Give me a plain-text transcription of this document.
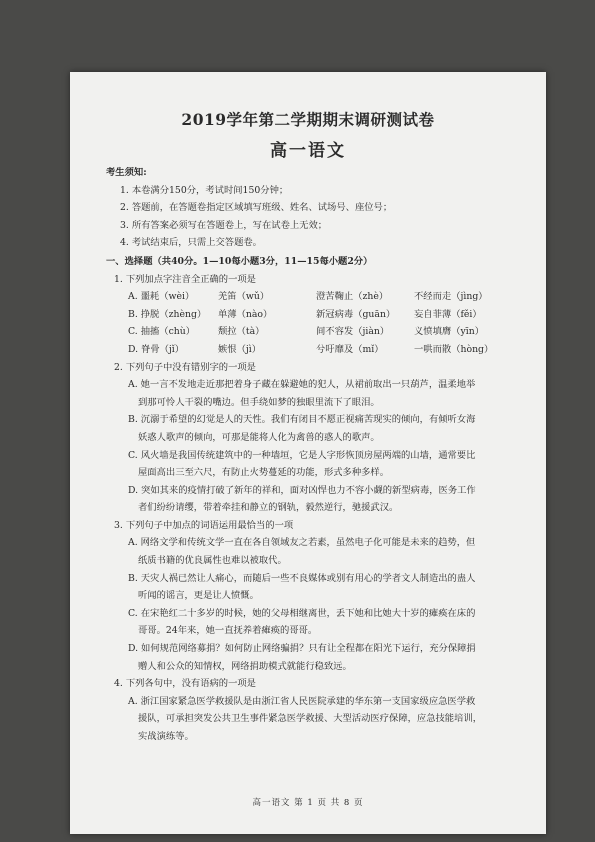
2019学年第二学期期末调研测试卷
高一语文

考生须知:

1. 本卷满分150分，考试时间150分钟；

2. 答题前，在答题卷指定区域填写班级、姓名、试场号、座位号；

3. 所有答案必须写在答题卷上，写在试卷上无效；

4. 考试结束后，只需上交答题卷。

一、选择题（共40分。1—10每小题3分，11—15每小题2分）

1. 下列加点字注音全正确的一项是

A. 噩耗（wèi）	羌笛（wǔ）	澄苦鞠止（zhè）	不经而走（jìng）
B. 挣脱（zhèng）	单薄（nào）	新冠病毒（guān）	妄自菲薄（fěi）
C. 抽搐（chù）	颓拉（tà）	间不容发（jiàn）	义愤填膺（yīn）
D. 脊骨（jǐ）	嫉恨（jì）	兮吁靡及（mǐ）	一哄而散（hòng）

2. 下列句子中没有错别字的一项是

A. 她一言不发地走近那把着身子藏在躲避她的犯人，从裙前取出一只葫芦，温柔地举

到那可怜人干裂的嘴边。但手绕如梦的独眼里流下了眼泪。

B. 沉溺于希望的幻觉是人的天性。我们有闭目不愿正视痛苦现实的倾向，有倾听女海

妖惑人歌声的倾向，可那是能将人化为禽兽的惑人的歌声。

C. 风火墙是我国传统建筑中的一种墙垣，它是人字形恢顶房屋两端的山墙，通常要比

屋面高出三至六尺，有防止火势蔓延的功能，形式多种多样。

D. 突如其来的疫情打破了新年的祥和，面对凶悍也力不容小觑的新型病毒，医务工作

者们纷纷请缨，带着牵挂和静立的钢轨，毅然逆行，驰援武汉。

3. 下列句子中加点的词语运用最恰当的一项

A. 网络文学和传统文学一直在各自领域友之若素，虽然电子化可能是未来的趋势，但

纸质书籍的优良属性也难以被取代。

B. 天灾人祸已然让人痛心，而随后一些不良媒体或别有用心的学者文人制造出的蛊人

听闻的谣言，更是让人愤慨。

C. 在宋艳红二十多岁的时候，她的父母相继离世，丢下她和比她大十岁的瘫痪在床的

哥哥。24年来，她一直抚养着瘫痪的哥哥。

D. 如何规范网络募捐？如何防止网络骗捐？只有让全程都在阳光下运行，充分保障捐

赠人和公众的知情权，网络捐助模式就能行稳致远。

4. 下列各句中，没有语病的一项是

A. 浙江国家紧急医学救援队是由浙江省人民医院承建的华东第一支国家级应急医学救

援队，可承担突发公共卫生事件紧急医学救援、大型活动医疗保障，应急技能培训，

实战演练等。

高一语文 第 1 页 共 8 页
